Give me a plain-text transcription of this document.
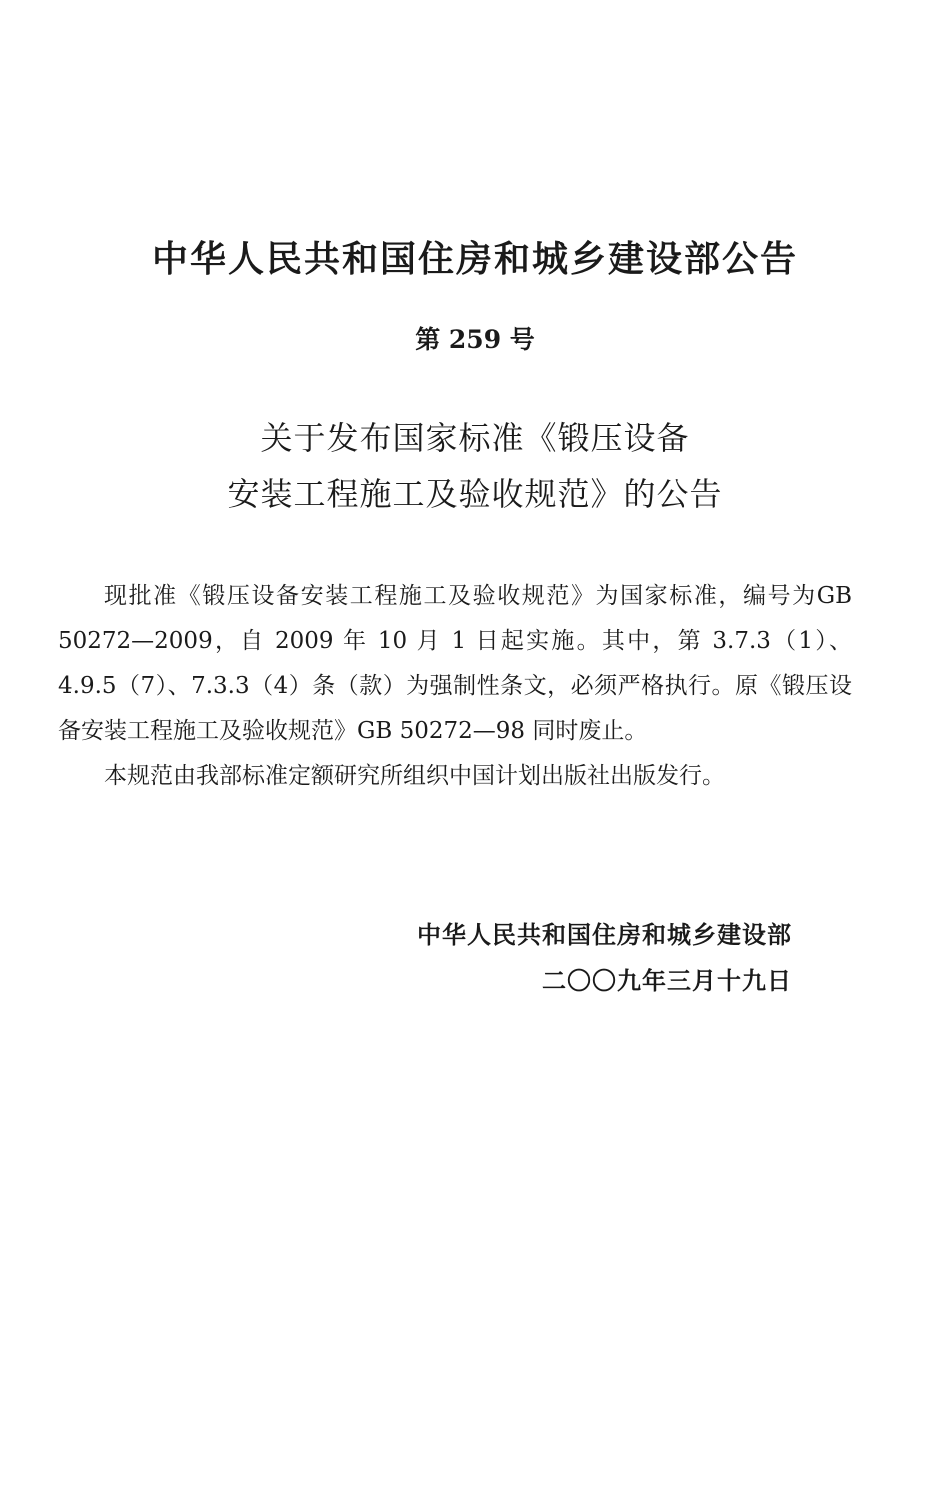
中华人民共和国住房和城乡建设部公告
第 259 号
关于发布国家标准《锻压设备
安装工程施工及验收规范》的公告

现批准《锻压设备安装工程施工及验收规范》为国家标准，编号为GB 50272—2009，自 2009 年 10 月 1 日起实施。其中，第 3.7.3（1）、4.9.5（7）、7.3.3（4）条（款）为强制性条文，必须严格执行。原《锻压设备安装工程施工及验收规范》GB 50272—98 同时废止。

本规范由我部标准定额研究所组织中国计划出版社出版发行。

中华人民共和国住房和城乡建设部
二〇〇九年三月十九日
